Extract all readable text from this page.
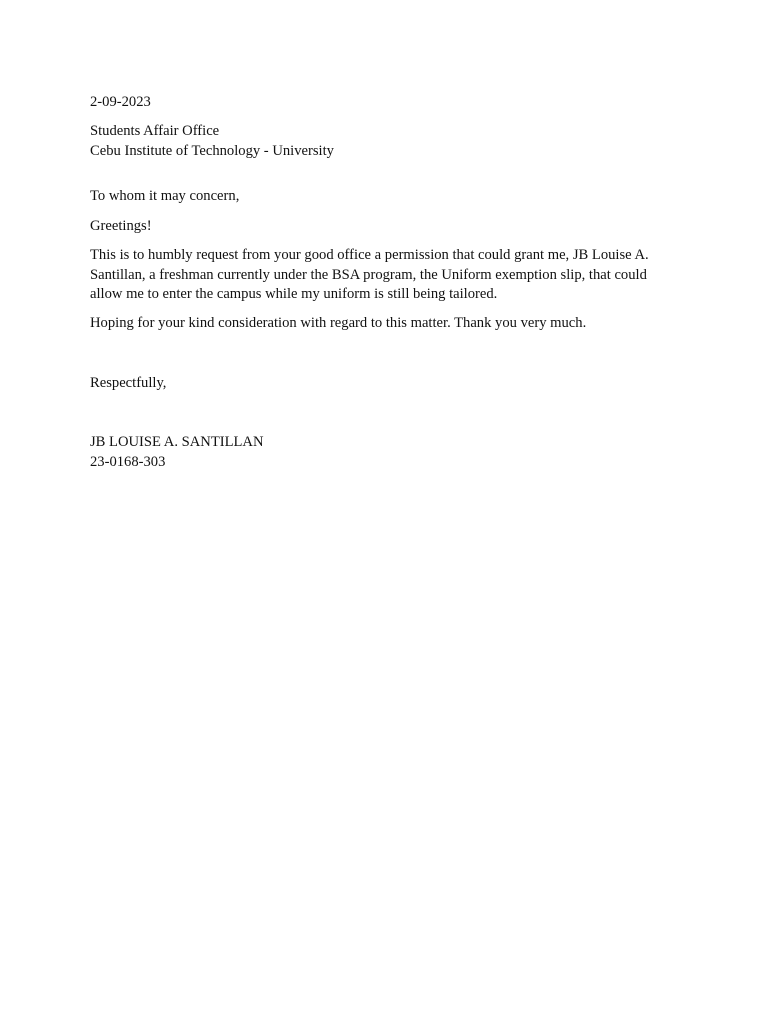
2-09-2023
Students Affair Office
Cebu Institute of Technology - University
To whom it may concern,
Greetings!
This is to humbly request from your good office a permission that could grant me, JB Louise A.
Santillan, a freshman currently under the BSA program, the Uniform exemption slip, that could
allow me to enter the campus while my uniform is still being tailored.
Hoping for your kind consideration with regard to this matter. Thank you very much.
Respectfully,
JB LOUISE A. SANTILLAN
23-0168-303
